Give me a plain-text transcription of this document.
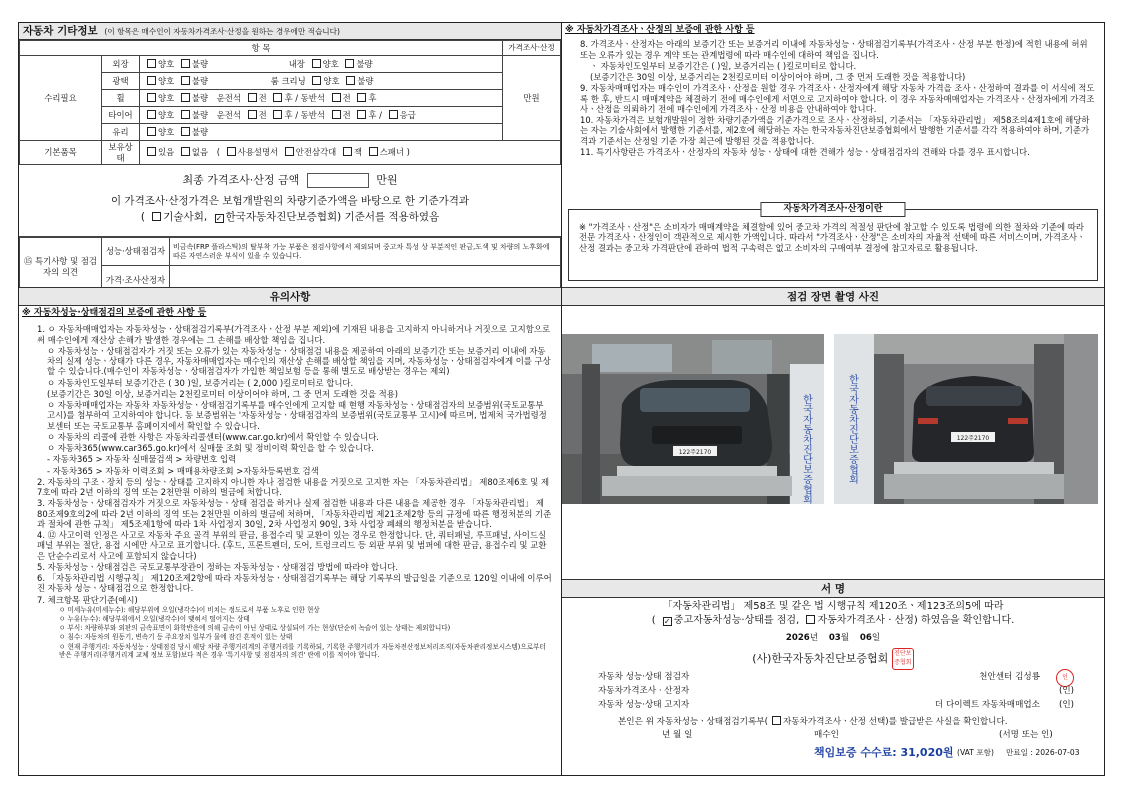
자동차 기타정보 (이 항목은 매수인이 자동차가격조사·산정을 원하는 경우에만 적습니다)
항 목			가격조사·산정
수리필요	외장	양호 불량 내장 양호 불량	만원
	광택	양호 불량 룸 크리닝 양호 불량	
	휠	양호 불량 운전석 전 후 / 동반석 전 후	
	타이어	양호 불량 운전석 전 후 / 동반석 전 후 / 응급	
	유리	양호 불량	
기본품목	보유상태	있음 없음 ( 사용설명서 안전삼각대 잭 스패너 )	
최종 가격조사·산정 금액	만원
이 가격조사·산정가격은 보험개발원의 차량기준가액을 바탕으로 한 기준가격과
( 기술사회, ✓ 한국자동차진단보증협회) 기준서를 적용하였음
⑮ 특기사항 및 점검자의 의견	성능·상태점검자	비금속(FRP 플라스틱)의 탈부착 가능 부품은 점검사항에서 제외되며 중고차 특성 상 부분적인 판금,도색 및 차량의 노후화에 따른 자연스러운 부식이 있을 수 있습니다.
	가격·조사산정자	
유의사항
※ 자동차성능·상태점검의 보증에 관한 사항 등

1. ㅇ 자동차매매업자는 자동차성능ㆍ상태점검기록부(가격조사ㆍ산정 부분 제외)에 기재된 내용을 고지하지 아니하거나 거짓으로 고지함으로써 매수인에게 재산상 손해가 발생한 경우에는 그 손해를 배상할 책임을 집니다.

ㅇ 자동차성능ㆍ상태점검자가 거짓 또는 오류가 있는 자동차성능ㆍ상태점검 내용을 제공하여 아래의 보증기간 또는 보증거리 이내에 자동차의 실제 성능ㆍ상태가 다른 경우, 자동차매매업자는 매수인의 재산상 손해를 배상할 책임을 지며, 자동차성능ㆍ상태점검자에게 이를 구상할 수 있습니다.(매수인이 자동차성능ㆍ상태점검자가 가입한 책임보험 등을 통해 별도로 배상받는 경우는 제외)

ㅇ 자동차인도일부터 보증기간은 ( 30 )일, 보증거리는 ( 2,000 )킬로미터로 합니다.

(보증기간은 30일 이상, 보증거리는 2천킬로미터 이상이어야 하며, 그 중 먼저 도래한 것을 적용)

ㅇ 자동차매매업자는 자동차 자동차성능ㆍ상태점검기록부를 매수인에게 고지할 때 현행 자동차성능ㆍ상태점검자의 보증범위(국토교통부 고시)를 첨부하여 고지하여야 합니다. 동 보증범위는 '자동차성능ㆍ상태점검자의 보증범위(국토교통부 고시)에 따르며, 법제처 국가법령정보센터 또는 국토교통부 홈페이지에서 확인할 수 있습니다.

ㅇ 자동차의 리콜에 관한 사항은 자동차리콜센터(www.car.go.kr)에서 확인할 수 있습니다.

ㅇ 자동차365(www.car365.go.kr)에서 실매물 조회 및 정비이력 확인을 할 수 있습니다.

- 자동차365 > 자동차 실매물검색 > 차량번호 입력

- 자동차365 > 자동차 이력조회 > 매매용차량조회 >자동차등록번호 검색

2. 자동차의 구조ㆍ장치 등의 성능ㆍ상태를 고지하지 아니한 자나 점검한 내용을 거짓으로 고지한 자는 「자동차관리법」 제80조제6호 및 제7호에 따라 2년 이하의 징역 또는 2천만원 이하의 벌금에 처합니다.

3. 자동차성능ㆍ상태점검자가 거짓으로 자동차성능ㆍ상태 점검을 하거나 실제 점검한 내용과 다른 내용을 제공한 경우 「자동차관리법」 제80조제9호의2에 따라 2년 이하의 징역 또는 2천만원 이하의 벌금에 처하며, 「자동차관리법 제21조제2항 등의 규정에 따른 행정처분의 기준과 절차에 관한 규칙」 제5조제1항에 따라 1차 사업정지 30일, 2차 사업정지 90일, 3차 사업장 폐쇄의 행정처분을 받습니다.

4. ⑫ 사고이력 인정은 사고로 자동차 주요 골격 부위의 판금, 용접수리 및 교환이 있는 경우로 한정합니다. 단, 쿼터패널, 루프패널, 사이드실패널 부위는 절단, 용접 시에만 사고로 표기합니다. (후드, 프론트펜더, 도어, 트렁크리드 등 외판 부위 및 범퍼에 대한 판금, 용접수리 및 교환은 단순수리로서 사고에 포함되지 않습니다)

5. 자동차성능ㆍ상태점검은 국토교통부장관이 정하는 자동차성능ㆍ상태점검 방법에 따라야 합니다.

6. 「자동차관리법 시행규칙」 제120조제2항에 따라 자동차성능ㆍ상태점검기록부는 해당 기록부의 발급일을 기준으로 120일 이내에 이루어진 자동차 성능ㆍ상태점검으로 한정합니다.

7. 체크항목 판단기준(예시)

ㅇ 미세누유(미세누수): 해당부위에 오일(냉각수)이 비치는 정도로서 부품 노후로 인한 현상

ㅇ 누유(누수): 해당부위에서 오일(냉각수)이 맺혀서 떨어지는 상태

ㅇ 부식: 차량하부와 외판의 금속표면이 화학반응에 의해 금속이 아닌 상태로 상실되어 가는 현상(단순히 녹슬어 있는 상태는 제외합니다)

ㅇ 침수: 자동차의 원동기, 변속기 등 주요장치 일부가 물에 잠긴 흔적이 있는 상태

ㅇ 현재 주행거리: 자동차성능ㆍ상태점검 당시 해당 차량 주행거리계의 주행거리를 기록하되, 기록한 주행거리가 자동차전산정보처리조직(자동차관리정보시스템)으로부터 받은 주행거리(주행거리계 교체 정보 포함)보다 적은 경우 '특기사항 및 점검자의 의견' 란에 이를 적어야 합니다.

※ 자동차가격조사ㆍ산정의 보증에 관한 사항 등

8. 가격조사ㆍ산정자는 아래의 보증기간 또는 보증거리 이내에 자동차성능ㆍ상태점검기록부(가격조사ㆍ산정 부분 한정)에 적힌 내용에 허위 또는 오류가 있는 경우 계약 또는 관계법령에 따라 매수인에 대하여 책임을 집니다.

ㆍ 자동차인도일부터 보증기간은 ( )일, 보증거리는 ( )킬로미터로 합니다.

(보증기간은 30일 이상, 보증거리는 2천킬로미터 이상이어야 하며, 그 중 먼저 도래한 것을 적용합니다)

9. 자동차매매업자는 매수인이 가격조사ㆍ산정을 원할 경우 가격조사ㆍ산정자에게 해당 자동차 가격을 조사ㆍ산정하여 결과를 이 서식에 적도록 한 후, 반드시 매매계약을 체결하기 전에 매수인에게 서면으로 고지하여야 합니다. 이 경우 자동차매매업자는 가격조사ㆍ산정자에게 가격조사ㆍ산정을 의뢰하기 전에 매수인에게 가격조사ㆍ산정 비용을 안내하여야 합니다.

10. 자동차가격은 보험개발원이 정한 차량기준가액을 기준가격으로 조사ㆍ산정하되, 기준서는 「자동차관리법」 제58조의4제1호에 해당하는 자는 기술사회에서 발행한 기준서를, 제2호에 해당하는 자는 한국자동차진단보증협회에서 발행한 기준서를 각각 적용하여야 하며, 기준가격과 기준서는 산정일 기준 가장 최근에 발행된 것을 적용합니다.

11. 특기사항란은 가격조사ㆍ산정자의 자동차 성능ㆍ상태에 대한 견해가 성능ㆍ상태점검자의 견해와 다를 경우 표시합니다.

자동차가격조사·산정이란
※ "가격조사ㆍ산정"은 소비자가 매매계약을 체결함에 있어 중고차 가격의 적절성 판단에 참고할 수 있도록 법령에 의한 절차와 기준에 따라 전문 가격조사ㆍ산정인이 객관적으로 제시한 가액입니다. 따라서 "가격조사ㆍ산정"은 소비자의 자율적 선택에 따른 서비스이며, 가격조사ㆍ산정 결과는 중고차 가격판단에 관하여 법적 구속력은 없고 소비자의 구매여부 결정에 참고자료로 활용됩니다.
점검 장면 촬영 사진
한국자동차진단보증협회
122주2170	한국자동차진단보증협회	122주2170
서 명
「자동차관리법」 제58조 및 같은 법 시행규칙 제120조ㆍ제123조의5에 따라
( ✓ 중고자동차성능·상태를 점검, 자동차가격조사 · 산정) 하였음을 확인합니다.
2026년 03월 06일
(사)한국자동차진단보증협회 진단보증협회
자동차 성능·상태 점검자	천안센터 김성룡	인
자동차가격조사 · 산정자	(인)
자동차 성능·상태 고지자	더 다이렉트 자동차매매업소 (인)
본인은 위 자동차성능ㆍ상태점검기록부( 자동차가격조사ㆍ산정 선택)를 발급받은 사실을 확인합니다.
년 월 일	매수인	(서명 또는 인)
책임보증 수수료: 31,020원 (VAT 포함) 만료일 : 2026-07-03
